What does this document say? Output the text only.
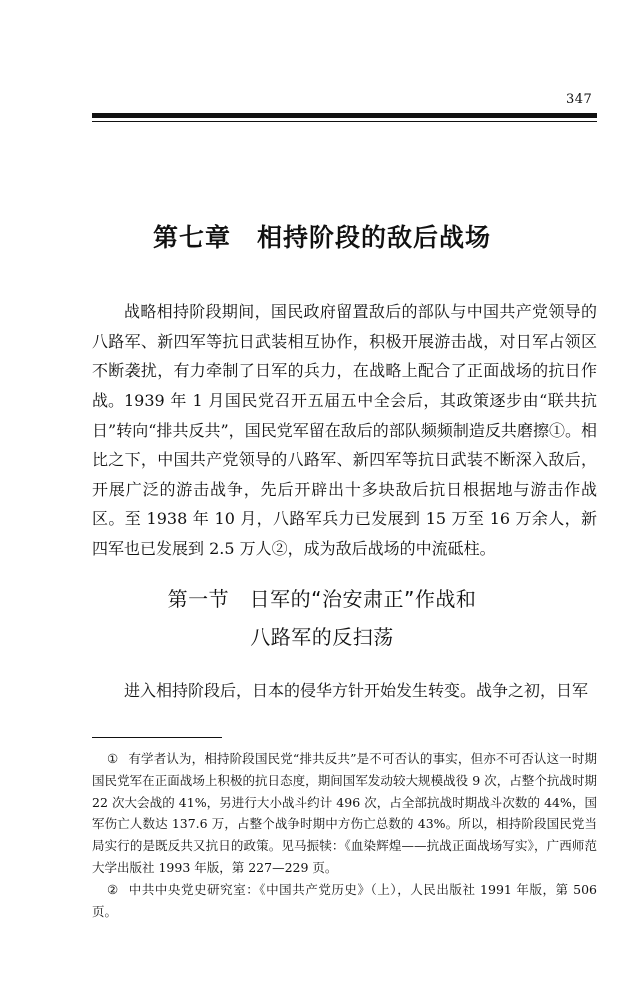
347
第七章　相持阶段的敌后战场

战略相持阶段期间，国民政府留置敌后的部队与中国共产党领导的八路军、新四军等抗日武装相互协作，积极开展游击战，对日军占领区不断袭扰，有力牵制了日军的兵力，在战略上配合了正面战场的抗日作战。 1939 年 1 月国民党召开五届五中全会后，其政策逐步由“联共抗日”转向“排共反共”，国民党军留在敌后的部队频频制造反共磨擦①。相比之下，中国共产党领导的八路军、新四军等抗日武装不断深入敌后，开展广泛的游击战争，先后开辟出十多块敌后抗日根据地与游击作战区。至 1938 年 10 月，八路军兵力已发展到 15 万至 16 万余人，新四军也已发展到 2.5 万人②，成为敌后战场的中流砥柱。

第一节　日军的“治安肃正”作战和
八路军的反扫荡

进入相持阶段后，日本的侵华方针开始发生转变。战争之初，日军

① 有学者认为，相持阶段国民党“排共反共”是不可否认的事实，但亦不可否认这一时期国民党军在正面战场上积极的抗日态度，期间国军发动较大规模战役 9 次，占整个抗战时期 22 次大会战的 41%，另进行大小战斗约计 496 次，占全部抗战时期战斗次数的 44%，国军伤亡人数达 137.6 万，占整个战争时期中方伤亡总数的 43%。所以，相持阶段国民党当局实行的是既反共又抗日的政策。见马振犊：《血染辉煌——抗战正面战场写实》，广西师范大学出版社 1993 年版，第 227—229 页。

② 中共中央党史研究室：《中国共产党历史》（上），人民出版社 1991 年版，第 506 页。
